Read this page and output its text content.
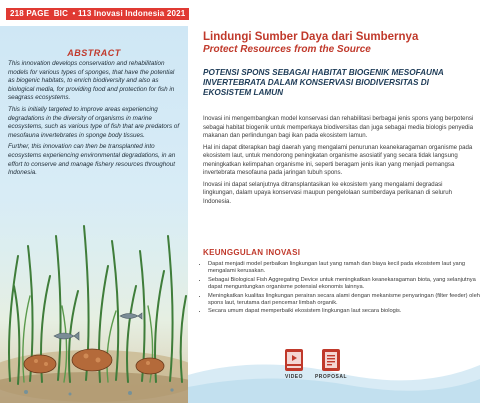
218 PAGE BIC • 113 Inovasi Indonesia 2021
ABSTRACT

This innovation develops conservation and rehabilitation models for various types of sponges, that have the potential as biogenic habitats, to enrich biodiversity and also as biological media, for providing food and protection for fish in seagrass ecosystems.

This is initially targeted to improve areas experiencing degradations in the diversity of organisms in marine ecosystems, such as various type of fish that are predators of mesofauna invertebrates in sponge body tissues.

Further, this innovation can then be transplanted into ecosystems experiencing environmental degradations, in an effort to conserve and manage fishery resources throughout Indonesia.

Lindungi Sumber Daya dari Sumbernya
Protect Resources from the Source
POTENSI SPONS SEBAGAI HABITAT BIOGENIK MESOFAUNA INVERTEBRATA DALAM KONSERVASI BIODIVERSITAS DI EKOSISTEM LAMUN

Inovasi ini mengembangkan model konservasi dan rehabilitasi berbagai jenis spons yang berpotensi sebagai habitat biogenik untuk memperkaya biodiversitas dan juga sebagai media biologis penyedia makanan dan perlindungan bagi ikan pada ekosistem lamun.

Hal ini dapat diterapkan bagi daerah yang mengalami penurunan keanekaragaman organisme pada ekosistem laut, untuk mendorong peningkatan organisme asosiatif yang secara tidak langsung meningkatkan kelimpahan organisme ini, seperti beragam jenis ikan yang menjadi pemangsa invertebrata mesofauna pada jaringan tubuh spons.

Inovasi ini dapat selanjutnya ditransplantasikan ke ekosistem yang mengalami degradasi lingkungan, dalam upaya konservasi maupun pengelolaan sumberdaya perikanan di seluruh Indonesia.

KEUNGGULAN INOVASI
• Dapat menjadi model perbaikan lingkungan laut yang ramah dan biaya kecil pada ekosistem laut yang mengalami kerusakan.
• Sebagai Biological Fish Aggregating Device untuk meningkatkan keanekaragaman biota, yang selanjutnya dapat menguntungkan organisme potensial ekonomis lainnya.
• Meningkatkan kualitas lingkungan perairan secara alami dengan mekanisme penyaringan (filter feeder) oleh spons laut, terutama dari pencemar limbah organik.
• Secara umum dapat memperbaiki ekosistem lingkungan laut secara biologis.
VIDEO	PROPOSAL
